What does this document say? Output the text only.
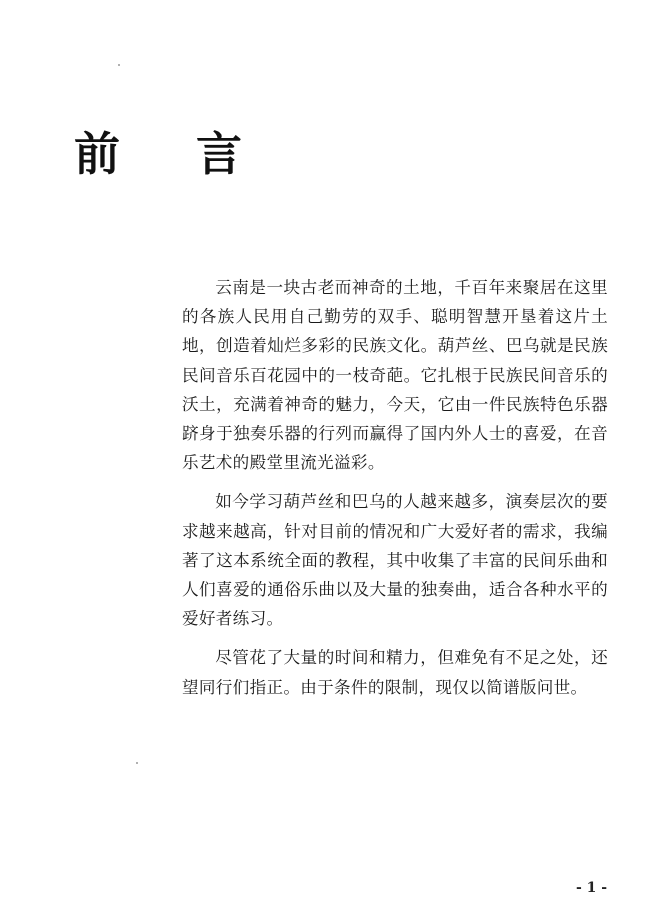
前 言

云南是一块古老而神奇的土地，千百年来聚居在这里的各族人民用自己勤劳的双手、聪明智慧开垦着这片土地，创造着灿烂多彩的民族文化。葫芦丝、巴乌就是民族民间音乐百花园中的一枝奇葩。它扎根于民族民间音乐的沃土，充满着神奇的魅力，今天，它由一件民族特色乐器跻身于独奏乐器的行列而赢得了国内外人士的喜爱，在音乐艺术的殿堂里流光溢彩。

如今学习葫芦丝和巴乌的人越来越多，演奏层次的要求越来越高，针对目前的情况和广大爱好者的需求，我编著了这本系统全面的教程，其中收集了丰富的民间乐曲和人们喜爱的通俗乐曲以及大量的独奏曲，适合各种水平的爱好者练习。

尽管花了大量的时间和精力，但难免有不足之处，还望同行们指正。由于条件的限制，现仅以简谱版问世。

- 1 -
